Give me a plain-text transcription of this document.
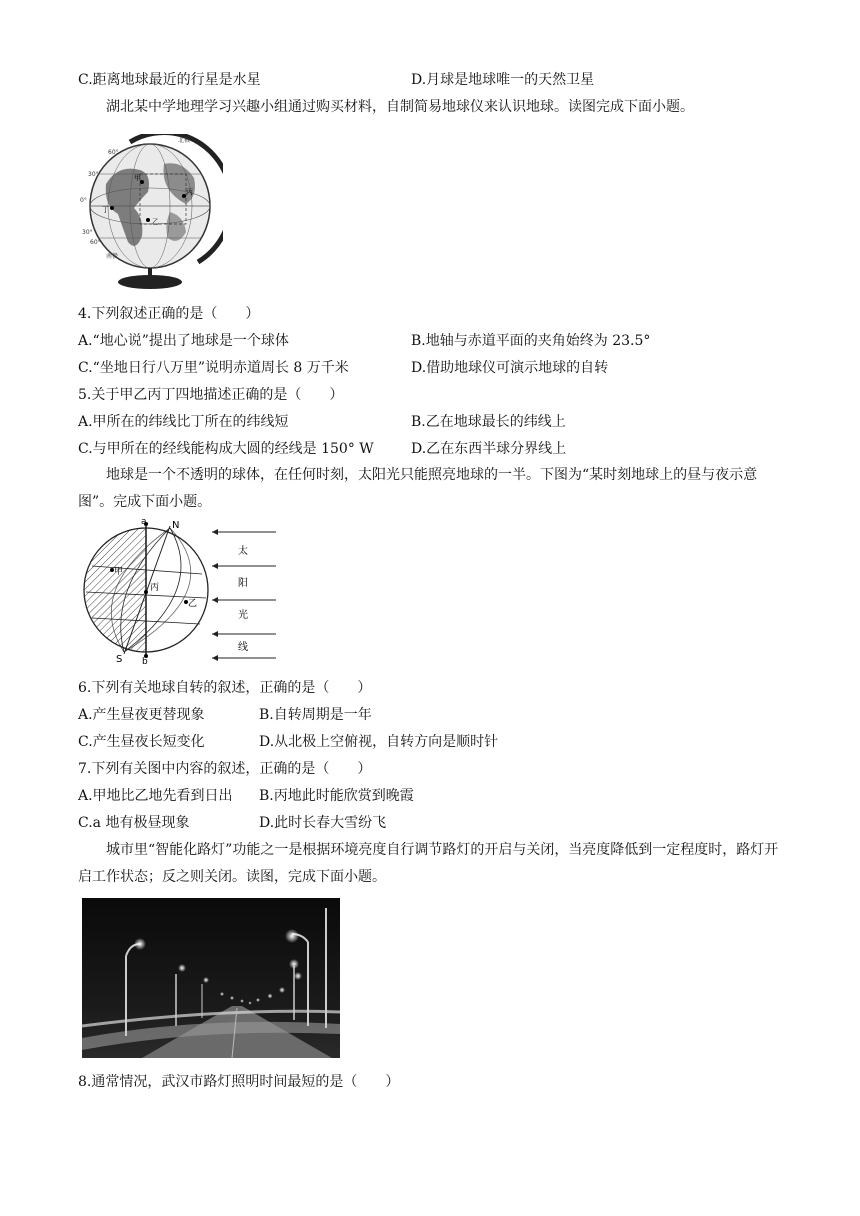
C.距离地球最近的行星是水星	D.月球是地球唯一的天然卫星
湖北某中学地理学习兴趣小组通过购买材料，自制简易地球仪来认识地球。读图完成下面小题。
北极
南极
60°
30°
0°
30°
60°
甲
丙
乙
丁
4.下列叙述正确的是（　　）
A.“地心说”提出了地球是一个球体	B.地轴与赤道平面的夹角始终为 23.5°
C.“坐地日行八万里”说明赤道周长 8 万千米	D.借助地球仪可演示地球的自转
5.关于甲乙丙丁四地描述正确的是（　　）
A.甲所在的纬线比丁所在的纬线短	B.乙在地球最长的纬线上
C.与甲所在的经线能构成大圆的经线是 150° W	D.乙在东西半球分界线上
地球是一个不透明的球体，在任何时刻，太阳光只能照亮地球的一半。下图为“某时刻地球上的昼与夜示意图”。完成下面小题。
a
b
N
S
甲
丙
乙
太
阳
光
线
6.下列有关地球自转的叙述，正确的是（　　）
A.产生昼夜更替现象	B.自转周期是一年
C.产生昼夜长短变化	D.从北极上空俯视，自转方向是顺时针
7.下列有关图中内容的叙述，正确的是（　　）
A.甲地比乙地先看到日出 B.丙地此时能欣赏到晚霞
C.a 地有极昼现象	D.此时长春大雪纷飞
城市里“智能化路灯”功能之一是根据环境亮度自行调节路灯的开启与关闭，当亮度降低到一定程度时，路灯开启工作状态；反之则关闭。读图，完成下面小题。
8.通常情况，武汉市路灯照明时间最短的是（　　）
